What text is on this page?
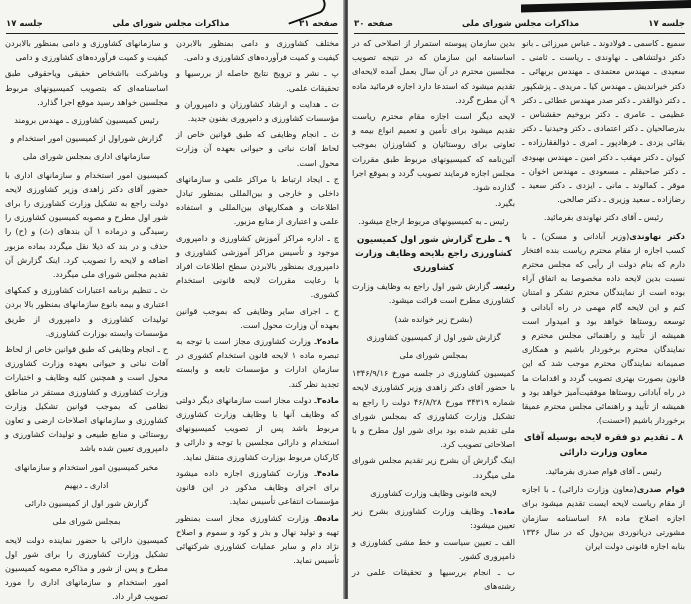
صفحه ۳۱
مذاکرات مجلس شورای ملی
جلسه ۱۷
و سازمانهای کشاورزی و دامی بمنظور بالابردن کیفیت و کمیت فرآورده‌های کشاورزی و دامی
وباشرکت بااشخاص حقیقی ویاحقوقی طبق اساسنامه‌ای که بتصویب کمیسیونهای مربوط مجلسین خواهد رسید موقع اجرا گذارد.
رئیس کمیسیون کشاورزی ـ مهندس برومند
گزارش شوراول از کمیسیون امور استخدام و
سازمانهای اداری بمجلس شورای ملی
کمیسیون امور استخدام و سازمانهای اداری با حضور آقای دکتر زاهدی وزیر کشاورزی لایحه دولت راجع به تشکیل وزارت کشاورزی را برای شور اول مطرح و مصوبه کمیسیون کشاورزی را رسیدگی و درماده ۱ آن بندهای (ث) و (ح) را حذف و در بند که ذیلا نقل میگردد بماده مزبور اضافه و لایحه را تصویب کرد. اینک گزارش آن تقدیم مجلس شورای ملی میگردد.
ث ـ تنظیم برنامه اعتبارات کشاورزی و کمکهای اعتباری و بیمه بانوع سازمانهای بمنظور بالا بردن تولیدات کشاورزی و دامپروری از طریق مؤسسات وابسته بوزارت کشاورزی.
ح ـ انجام وظایفی که طبق قوانین خاص از لحاظ آفات نباتی و حیوانی بعهده وزارت کشاورزی محول است و همچنین کلیه وظایف و اختیارات وزارت کشاورزی و کشاورزی مستقر در مناطق نظامی که بموجب قوانین تشکیل وزارت کشاورزی و سازمانهای اصلاحات ارضی و تعاون روستائی و منابع طبیعی و تولیدات کشاورزی و دامپروری تعیین شده باشد
مخبر کمیسیون امور استخدام و سازمانهای
اداری ـ دیهیم
گزارش شور اول از کمیسیون دارائی
بمجلس شورای ملی
کمیسیون دارائی با حضور نماینده دولت لایحه تشکیل وزارت کشاورزی را برای شور اول مطرح و پس از شور و مذاکره مصوبه کمیسیون امور استخدام و سازمانهای اداری را مورد تصویب قرار داد.
مختلف کشاورزی و دامی بمنظور بالابردن کیفیت و کمیت فرآورده‌های کشاورزی و دامی.
پ ـ نشر و ترویج نتایج حاصله از بررسیها و تحقیقات علمی.
ت ـ هدایت و ارشاد کشاورزان و دامپروران و مؤسسات کشاورزی و دامپروری بفنون جدید.
ث ـ انجام وظایفی که طبق قوانین خاص از لحاظ آفات نباتی و حیوانی بعهده آن وزارت محول است.
ج ـ ایجاد ارتباط با مراکز علمی و سازمانهای داخلی و خارجی و بین‌المللی بمنظور تبادل اطلاعات و همکاریهای بین‌المللی و استفاده علمی و اعتباری از منابع مزبور.
چ ـ اداره مراکز آموزش کشاورزی و دامپروری موجود و تأسیس مراکز آموزشی کشاورزی و دامپروری بمنظور بالابردن سطح اطلاعات افراد با رعایت مقررات لایحه قانونی استخدام کشوری.
ح ـ اجرای سایر وظایفی که بموجب قوانین بعهده آن وزارت محول است.
ماده۲ـ وزارت کشاورزی مجاز است با توجه به تبصره ماده ۱ لایحه قانون استخدام کشوری در سازمان ادارات و مؤسسات تابعه و وابسته تجدید نظر کند.
ماده۳ـ دولت مجاز است سازمانهای دیگر دولتی که وظایف آنها با وظایف وزارت کشاورزی مربوط باشد پس از تصویب کمیسیونهای استخدام و دارائی مجلسین با توجه و دارائی و کارکنان مربوط بوزارت کشاورزی منتقل نماید.
ماده۴ـ وزارت کشاورزی اجازه داده میشود برای اجرای وظایف مذکور در این قانون مؤسسات انتفاعی تأسیس نماید.
ماده۵ـ وزارت کشاورزی مجاز است بمنظور تهیه و تولید نهال و بذر و کود و سموم و اصلاح نژاد دام و سایر عملیات کشاورزی شرکتهائی تأسیس نماید.
جلسه ۱۷
مذاکرات مجلس شورای ملی
صفحه ۳۰
بدین سازمان پیوسته استمرار از اصلاحی که در اساسنامه این سازمان که در نتیجه تصویب مجلسین محترم در آن سال بعمل آمده لایحه‌ای تقدیم میشود که استدعا دارد اجازه فرمائید ماده ۹ آن مطرح گردد.
لایحه دیگر است اجازه مقام محترم ریاست تقدیم میشود برای تأمین و تعمیم انواع بیمه و تعاونی برای روستائیان و کشاورزان بموجب آئین‌نامه که کمیسیونهای مربوط طبق مقررات مجلس اجازه فرمایند تصویب گردد و بموقع اجرا گذارده شود.
بگیرد.
رئیس ـ به کمیسیونهای مربوط ارجاع میشود.
۹ ـ طرح گزارش شور اول کمیسیون کشاورزی راجع بلایحه وظایف وزارت کشاورزی
رئیسـ گزارش شور اول راجع به وظایف وزارت کشاورزی مطرح است قرائت میشود.
(بشرح زیر خوانده شد)
گزارش شور اول از کمیسیون کشاورزی
بمجلس شورای ملی
کمیسیون کشاورزی در جلسه مورخ ۱۳۴۶/۹/۱۶ با حضور آقای دکتر زاهدی وزیر کشاورزی لایحه شماره ۳۴۳۱۹ مورخ ۴۶/۸/۲۸ دولت را راجع به تشکیل وزارت کشاورزی که بمجلس شورای ملی تقدیم شده بود برای شور اول مطرح و با اصلاحاتی تصویب کرد.
اینک گزارش آن بشرح زیر تقدیم مجلس شورای ملی میگردد.
لایحه قانونی وظایف وزارت کشاورزی
ماده۱ـ وظایف وزارت کشاورزی بشرح زیر تعیین میشود:
الف ـ تعیین سیاست و خط مشی کشاورزی و دامپروری کشور.
ب ـ انجام بررسیها و تحقیقات علمی در رشته‌های
سمیع ـ کاسمی ـ فولادوند ـ عباس میرزائی ـ بانو دکتر دولتشاهی ـ نهاوندی ـ ریاست ـ ثامنی ـ سعیدی ـ مهندس معتمدی ـ مهندس بربهائی ـ دکتر خیراندیش ـ مهندس کیا ـ مریدی ـ پزشکپور ـ دکتر ذوالقدر ـ دکتر صدر مهندس عطائی ـ دکتر عظیمی ـ عامری ـ دکتر بروخیم حقشناس ـ بدرصالحیان ـ دکتر اعتمادی ـ دکتر وحیدنیا ـ دکتر بقائی یزدی ـ فرهادپور ـ امری ـ ذوالفقارزاده ـ کیوان ـ دکتر مهقب ـ دکتر امین ـ مهندس بهبودی ـ دکتر صاحبقلم ـ مسعودی ـ مهندس اخوان ـ موقر ـ کمالوند ـ مانی ـ ایزدی ـ دکتر سعید ـ رضازاده ـ سعید وزیری ـ دکتر صالحی.
رئیس ـ آقای دکتر نهاوندی بفرمائید.
دکتر نهاوندی(وزیر آبادانی و مسکن) ـ با کسب اجازه از مقام محترم ریاست بنده افتخار دارم که بنام دولت از رأیی که مجلس محترم نسبت بدین لایحه داده مخصوصا به اتفاق آراء بوده است از نمایندگان محترم تشکر و امتنان کنم و این لایحه گام مهمی در راه آبادانی و توسعه روستاها خواهد بود و امیدوار است همیشه از تأیید و راهنمائی مجلس محترم و نمایندگان محترم برخوردار باشیم و همکاری صمیمانه نمایندگان محترم موجب شد که این قانون بصورت بهتری تصویب گردد و اقدامات ما در راه آبادانی روستاها موفقیت‌آمیز خواهد بود و همیشه از تأیید و راهنمائی مجلس محترم عمیقا برخوردار باشیم (احسنت).
۸ ـ تقدیم دو فقره لایحه بوسیله آقای معاون وزارت دارائی
رئیس ـ آقای قوام صدری بفرمائید.
قوام صدری(معاون وزارت دارائی) ـ با اجازه از مقام ریاست لایحه ایست تقدیم میشود برای اجازه اصلاح ماده ۶۸ اساسنامه سازمان مشورتی دریانوردی بین‌دول که در سال ۱۳۳۶ بنابه اجازه قانونی دولت ایران
